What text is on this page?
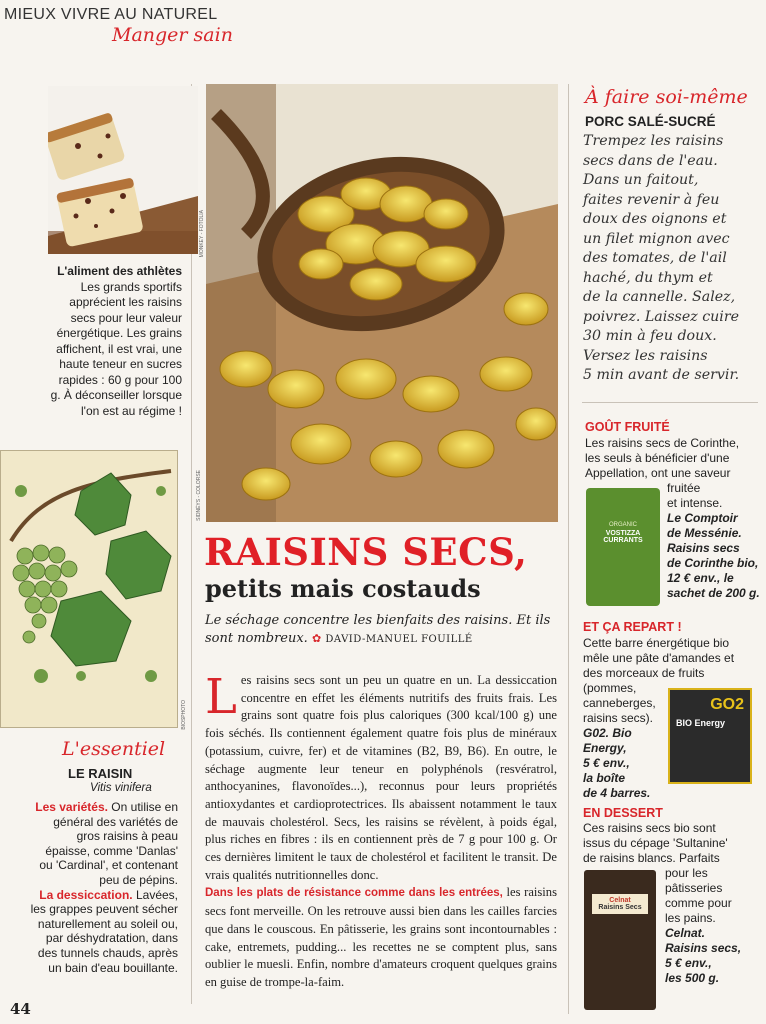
MIEUX VIVRE AU NATUREL
Manger sain
MONKEY - FOTOLIA
L'aliment des athlètes
Les grands sportifs apprécient les raisins secs pour leur valeur énergétique. Les grains affichent, il est vrai, une haute teneur en sucres rapides : 60 g pour 100 g. À déconseiller lorsque l'on est au régime !

BIOSPHOTO
L'essentiel
LE RAISIN
Vitis vinifera
Les variétés. On utilise en général des variétés de gros raisins à peau épaisse, comme 'Danlas' ou 'Cardinal', et contenant peu de pépins.
La dessiccation. Lavées, les grappes peuvent sécher naturellement au soleil ou, par déshydratation, dans des tunnels chauds, après un bain d'eau bouillante.
SIDNÉYS - COLORSE
RAISINS SECS,
petits mais costauds
Le séchage concentre les bienfaits des raisins. Et ils sont nombreux. ✿ DAVID-MANUEL FOUILLÉ
L es raisins secs sont un peu un quatre en un. La dessiccation concentre en effet les éléments nutritifs des fruits frais. Les grains sont quatre fois plus caloriques (300 kcal/100 g) une fois séchés. Ils contiennent également quatre fois plus de minéraux (potassium, cuivre, fer) et de vitamines (B2, B9, B6). En outre, le séchage augmente leur teneur en polyphénols (resvératrol, anthocyanines, flavonoïdes...), reconnus pour leurs propriétés antioxydantes et cardioprotectrices. Ils abaissent notamment le taux de mauvais cholestérol. Secs, les raisins se révèlent, à poids égal, plus riches en fibres : ils en contiennent près de 7 g pour 100 g. Or ces dernières limitent le taux de cholestérol et facilitent le transit. De vrais qualités nutritionnelles donc.
Dans les plats de résistance comme dans les entrées, les raisins secs font merveille. On les retrouve aussi bien dans les cailles farcies que dans le couscous. En pâtisserie, les grains sont incontournables : cake, entremets, pudding... les recettes ne se comptent plus, sans oublier le muesli. Enfin, nombre d'amateurs croquent quelques grains en guise de trompe-la-faim.
44
À faire soi-même
PORC SALÉ-SUCRÉ
Trempez les raisins
secs dans de l'eau.
Dans un faitout,
faites revenir à feu
doux des oignons et
un filet mignon avec
des tomates, de l'ail
haché, du thym et
de la cannelle. Salez,
poivrez. Laissez cuire
30 min à feu doux.
Versez les raisins
5 min avant de servir.
GOÛT FRUITÉ
Les raisins secs de Corinthe,
les seuls à bénéficier d'une
Appellation, ont une saveur
fruitée
et intense.
Le Comptoir
de Messénie.
Raisins secs
de Corinthe bio,
12 € env., le
sachet de 200 g.
ORGANIC
VOSTIZZA CURRANTS
ET ÇA REPART !
Cette barre énergétique bio
mêle une pâte d'amandes et
des morceaux de fruits
(pommes,
canneberges,
raisins secs).
G02. Bio Energy,
5 € env.,
la boîte
de 4 barres.
GO2
BIO Energy
EN DESSERT
Ces raisins secs bio sont
issus du cépage 'Sultanine'
de raisins blancs. Parfaits
pour les
pâtisseries
comme pour
les pains.
Celnat.
Raisins secs,
5 € env.,
les 500 g.
Celnat
Raisins Secs
